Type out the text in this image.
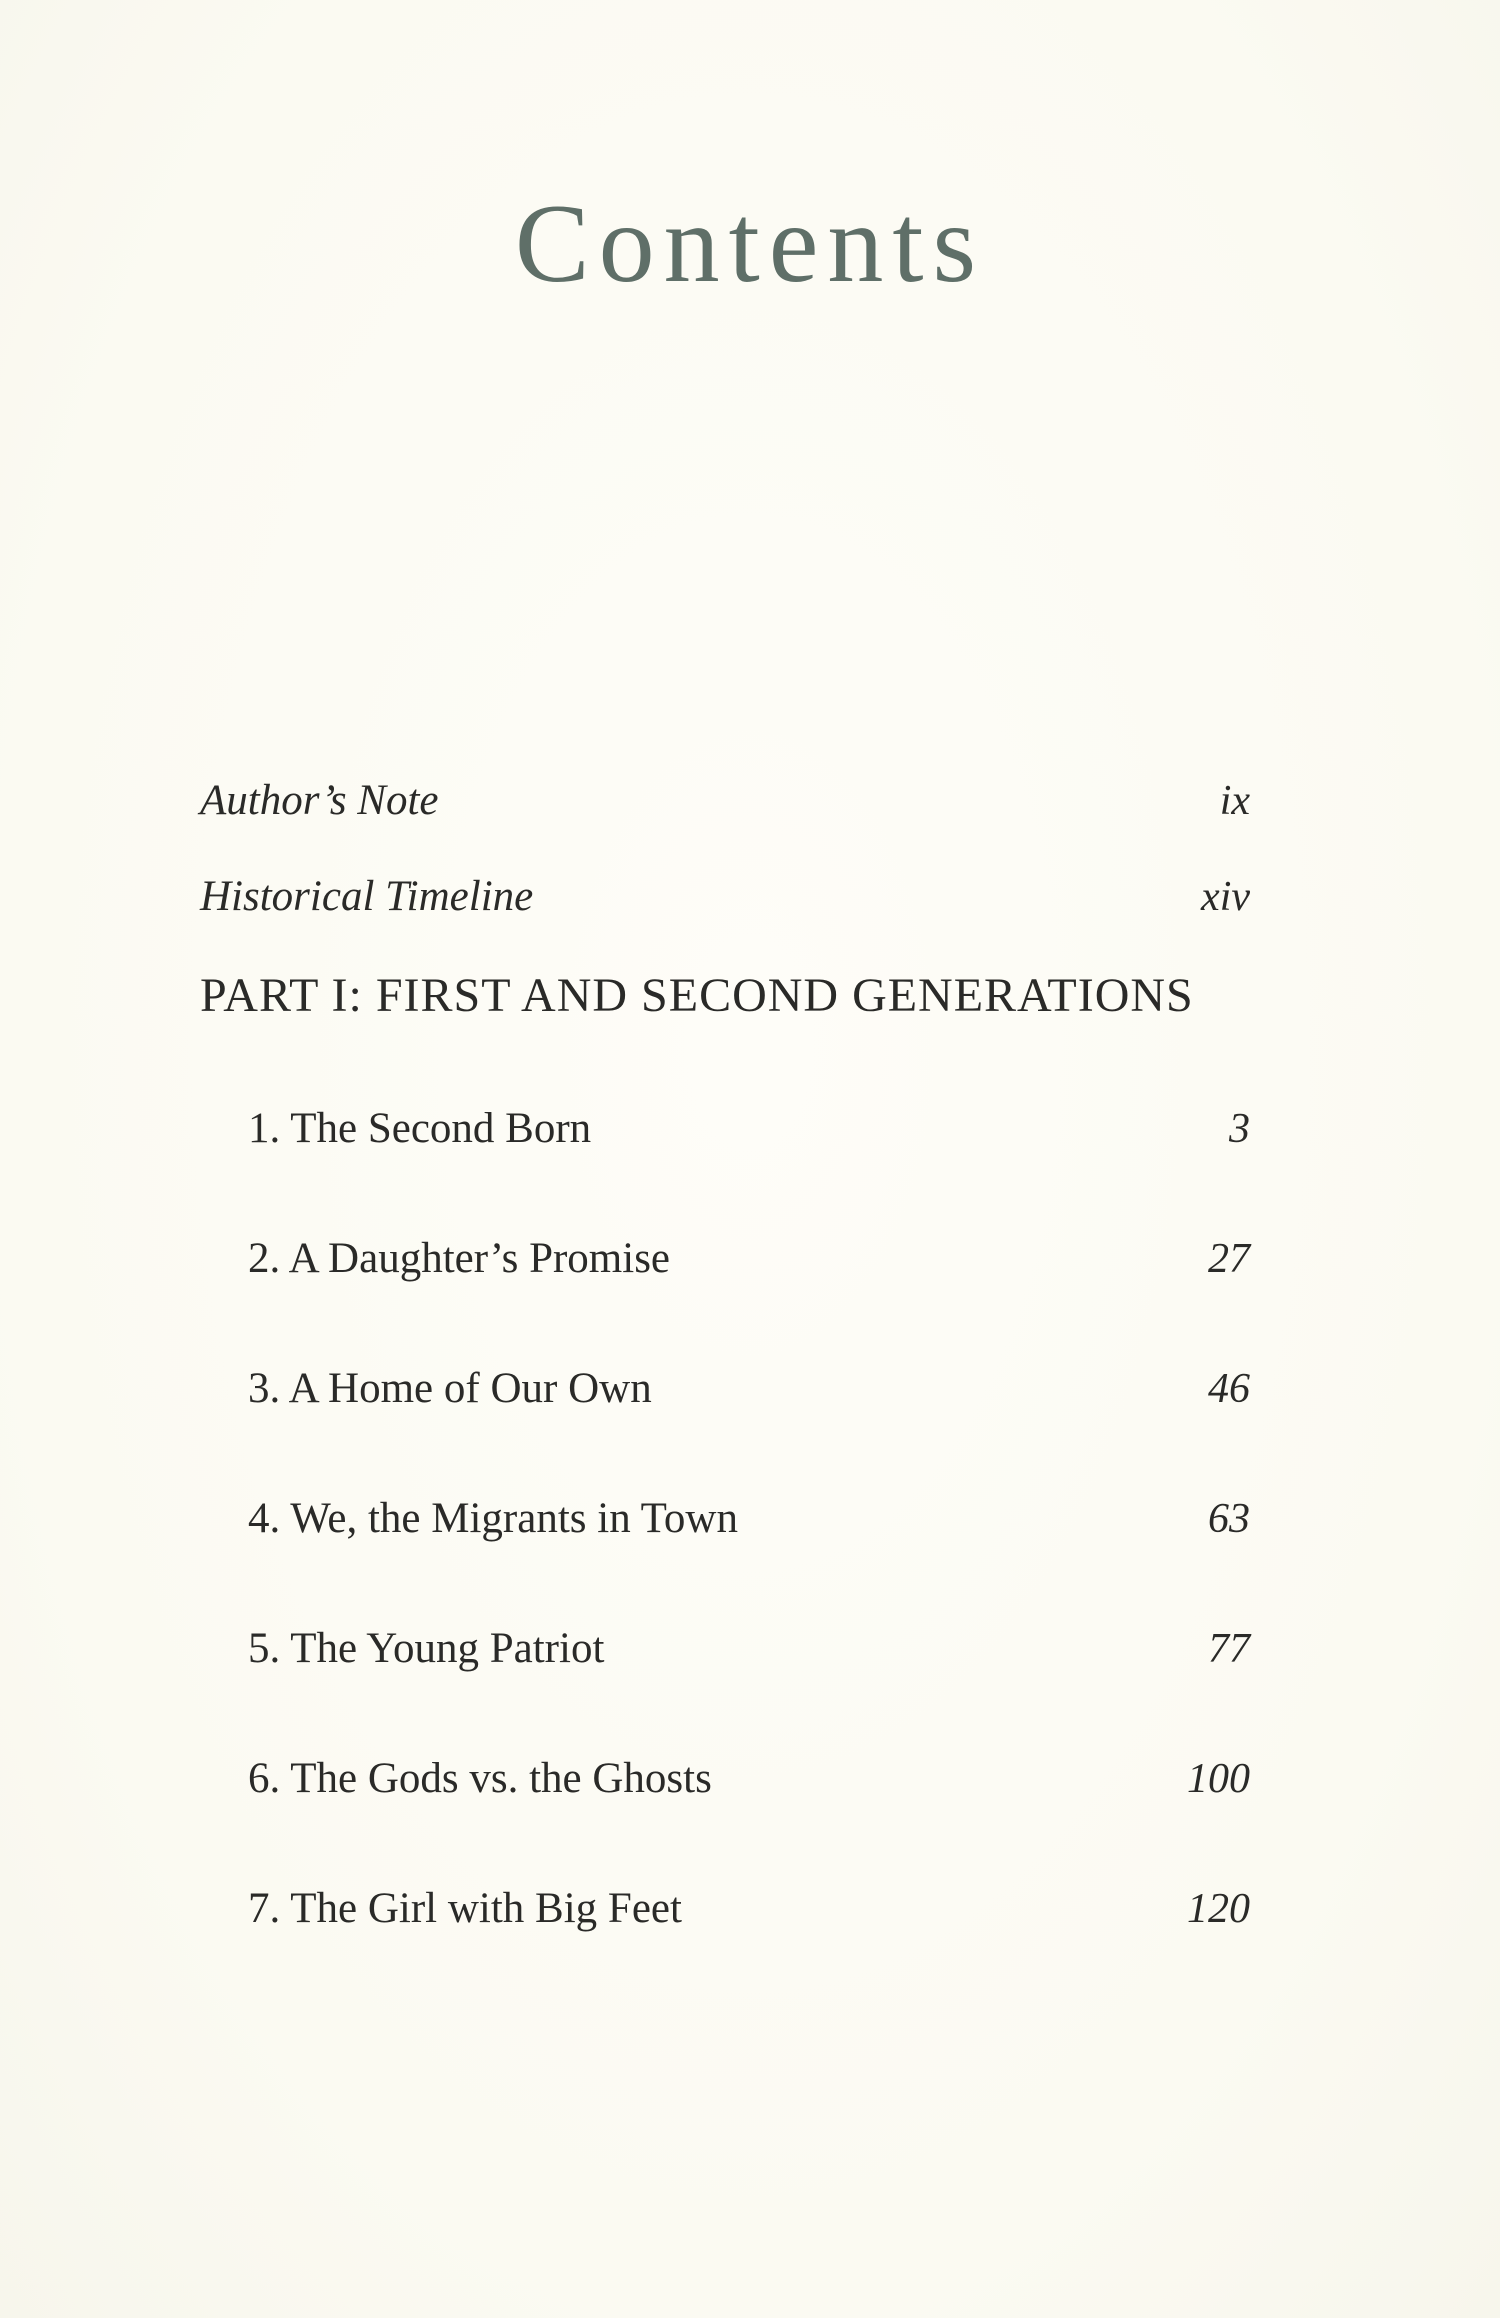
Contents
Author’s Note	ix
Historical Timeline	xiv
PART I: FIRST AND SECOND GENERATIONS
1. The Second Born	3
2. A Daughter’s Promise	27
3. A Home of Our Own	46
4. We, the Migrants in Town	63
5. The Young Patriot	77
6. The Gods vs. the Ghosts	100
7. The Girl with Big Feet	120
